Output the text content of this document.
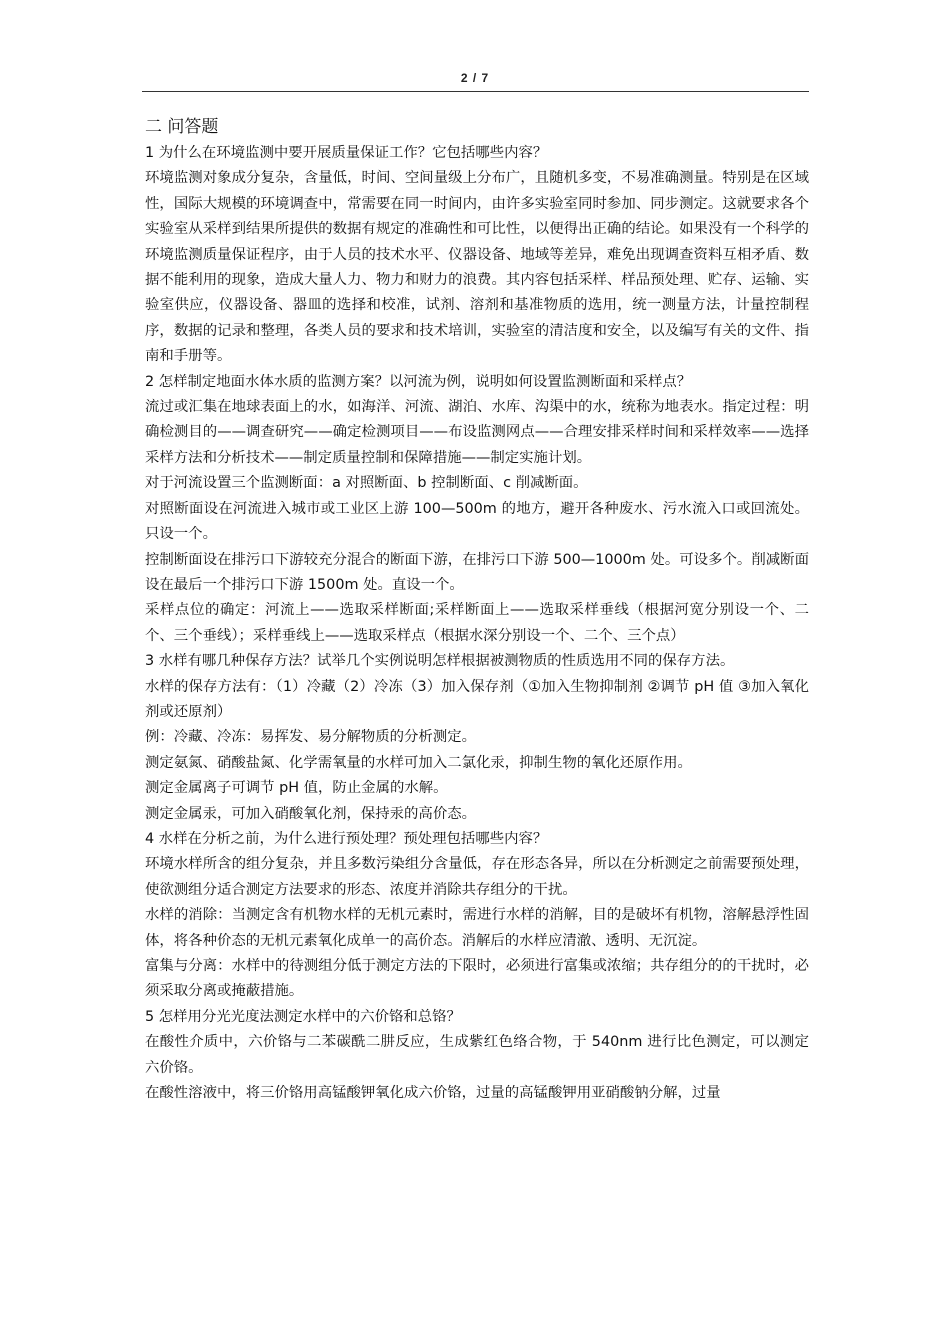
2 / 7

二 问答题

1 为什么在环境监测中要开展质量保证工作？它包括哪些内容？

环境监测对象成分复杂，含量低，时间、空间量级上分布广，且随机多变，不易准确测量。特别是在区域性，国际大规模的环境调查中，常需要在同一时间内，由许多实验室同时参加、同步测定。这就要求各个实验室从采样到结果所提供的数据有规定的准确性和可比性，以便得出正确的结论。如果没有一个科学的环境监测质量保证程序，由于人员的技术水平、仪器设备、地域等差异，难免出现调查资料互相矛盾、数据不能利用的现象，造成大量人力、物力和财力的浪费。其内容包括采样、样品预处理、贮存、运输、实验室供应，仪器设备、器皿的选择和校准，试剂、溶剂和基准物质的选用，统一测量方法，计量控制程序，数据的记录和整理，各类人员的要求和技术培训，实验室的清洁度和安全，以及编写有关的文件、指南和手册等。

2 怎样制定地面水体水质的监测方案？以河流为例，说明如何设置监测断面和采样点？

流过或汇集在地球表面上的水，如海洋、河流、湖泊、水库、沟渠中的水，统称为地表水。指定过程：明确检测目的——调查研究——确定检测项目——布设监测网点——合理安排采样时间和采样效率——选择采样方法和分析技术——制定质量控制和保障措施——制定实施计划。

对于河流设置三个监测断面：a 对照断面、b 控制断面、c 削减断面。

对照断面设在河流进入城市或工业区上游 100—500m 的地方，避开各种废水、污水流入口或回流处。只设一个。

控制断面设在排污口下游较充分混合的断面下游，在排污口下游 500—1000m 处。可设多个。削减断面设在最后一个排污口下游 1500m 处。直设一个。

采样点位的确定：河流上——选取采样断面;采样断面上——选取采样垂线（根据河宽分别设一个、二个、三个垂线）；采样垂线上——选取采样点（根据水深分别设一个、二个、三个点）

3 水样有哪几种保存方法？试举几个实例说明怎样根据被测物质的性质选用不同的保存方法。

水样的保存方法有：（1）冷藏（2）冷冻（3）加入保存剂（①加入生物抑制剂 ②调节 pH 值 ③加入氧化剂或还原剂）

例：冷藏、冷冻：易挥发、易分解物质的分析测定。

测定氨氮、硝酸盐氮、化学需氧量的水样可加入二氯化汞，抑制生物的氧化还原作用。

测定金属离子可调节 pH 值，防止金属的水解。

测定金属汞，可加入硝酸氧化剂，保持汞的高价态。

4 水样在分析之前，为什么进行预处理？预处理包括哪些内容？

环境水样所含的组分复杂，并且多数污染组分含量低，存在形态各异，所以在分析测定之前需要预处理，使欲测组分适合测定方法要求的形态、浓度并消除共存组分的干扰。

水样的消除：当测定含有机物水样的无机元素时，需进行水样的消解，目的是破坏有机物，溶解悬浮性固体，将各种价态的无机元素氧化成单一的高价态。消解后的水样应清澈、透明、无沉淀。

富集与分离：水样中的待测组分低于测定方法的下限时，必须进行富集或浓缩；共存组分的的干扰时，必须采取分离或掩蔽措施。

5 怎样用分光光度法测定水样中的六价铬和总铬？

在酸性介质中，六价铬与二苯碳酰二肼反应，生成紫红色络合物，于 540nm 进行比色测定，可以测定六价铬。

在酸性溶液中，将三价铬用高锰酸钾氧化成六价铬，过量的高锰酸钾用亚硝酸钠分解，过量
